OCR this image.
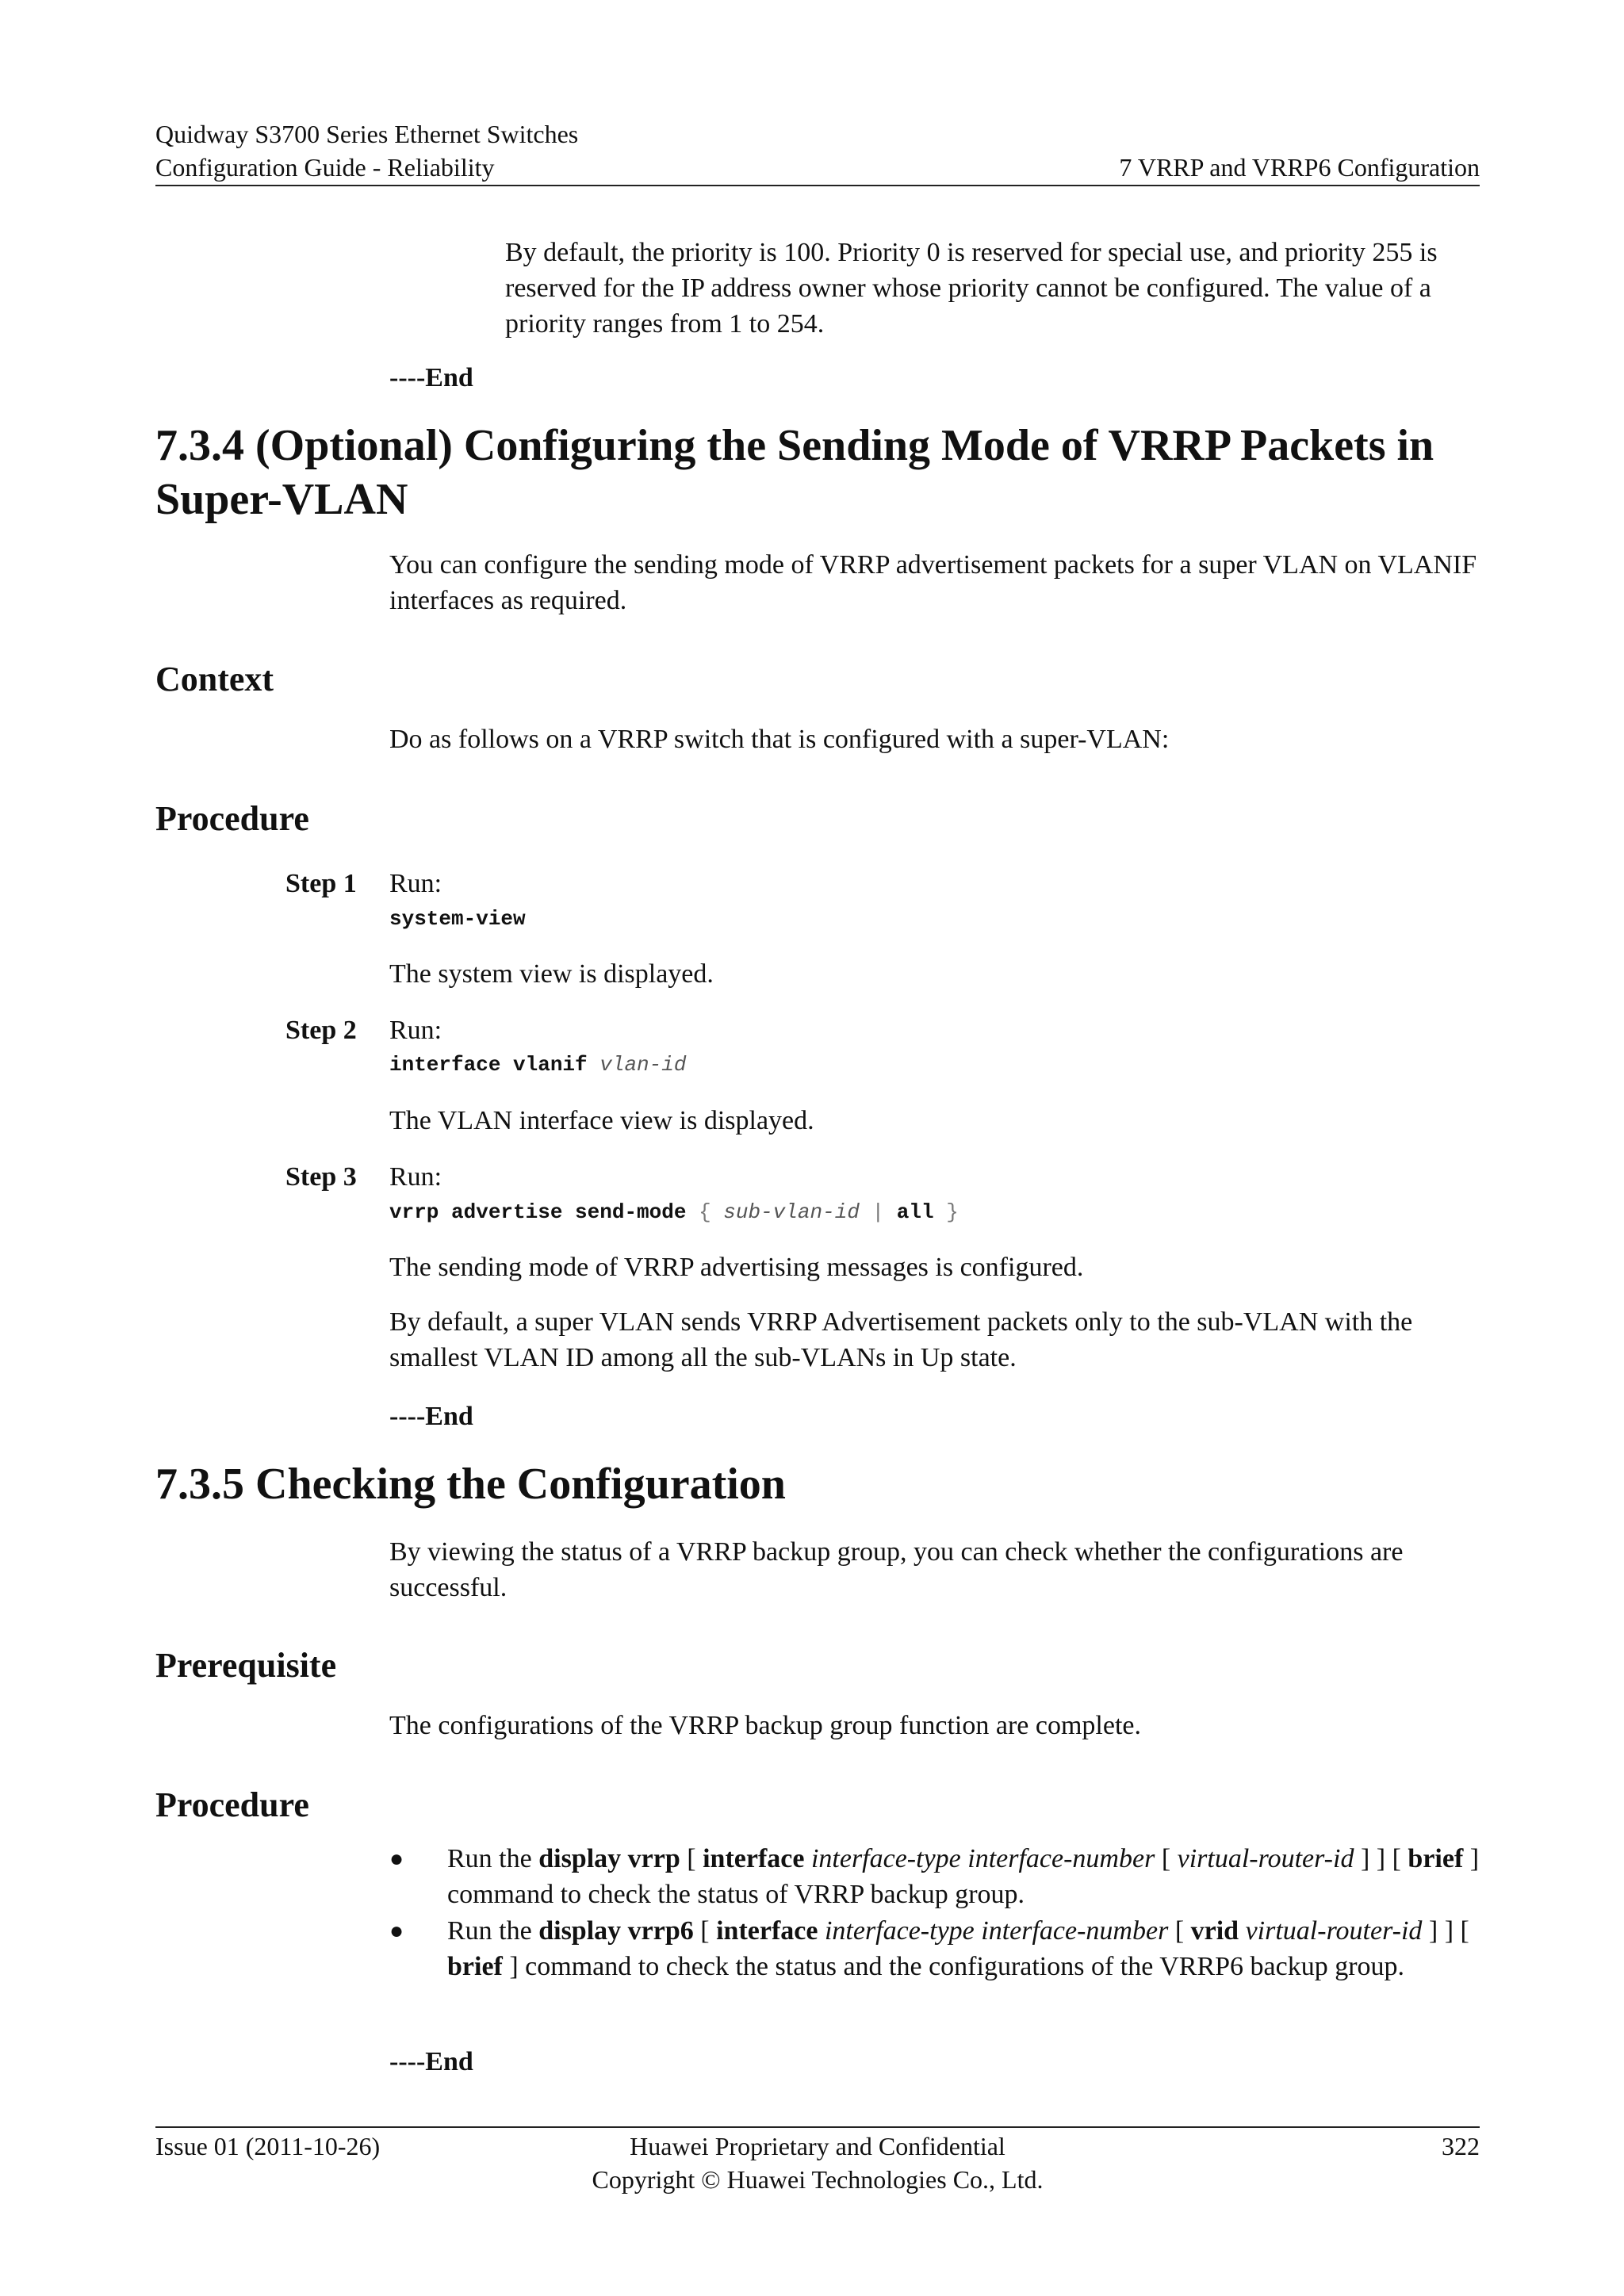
Quidway S3700 Series Ethernet Switches
Configuration Guide - Reliability	7 VRRP and VRRP6 Configuration

By default, the priority is 100. Priority 0 is reserved for special use, and priority 255 is reserved for the IP address owner whose priority cannot be configured. The value of a priority ranges from 1 to 254.

----End
7.3.4 (Optional) Configuring the Sending Mode of VRRP Packets in Super-VLAN

You can configure the sending mode of VRRP advertisement packets for a super VLAN on VLANIF interfaces as required.

Context

Do as follows on a VRRP switch that is configured with a super-VLAN:

Procedure
Step 1 Run:
system-view

The system view is displayed.

Step 2 Run:
interface vlanif vlan-id

The VLAN interface view is displayed.

Step 3 Run:
vrrp advertise send-mode { sub-vlan-id | all }

The sending mode of VRRP advertising messages is configured.

By default, a super VLAN sends VRRP Advertisement packets only to the sub-VLAN with the smallest VLAN ID among all the sub-VLANs in Up state.

----End
7.3.5 Checking the Configuration

By viewing the status of a VRRP backup group, you can check whether the configurations are successful.

Prerequisite

The configurations of the VRRP backup group function are complete.

Procedure
● Run the display vrrp [ interface interface-type interface-number [ virtual-router-id ] ] [ brief ] command to check the status of VRRP backup group.

● Run the display vrrp6 [ interface interface-type interface-number [ vrid virtual-router-id ] ] [ brief ] command to check the status and the configurations of the VRRP6 backup group.

----End
Issue 01 (2011-10-26)	Huawei Proprietary and Confidential
Copyright © Huawei Technologies Co., Ltd.
322
